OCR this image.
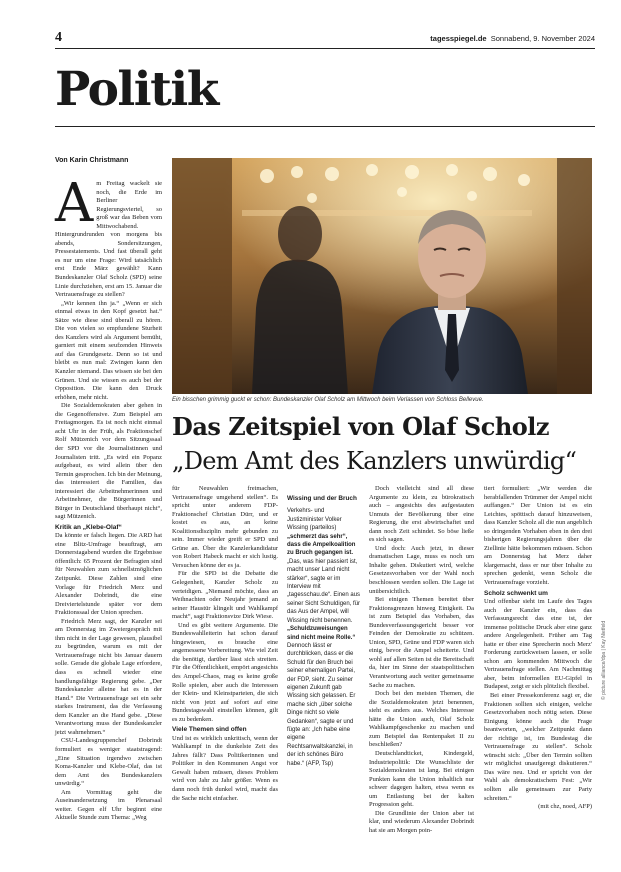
4	tagesspiegel.de Sonnabend, 9. November 2024
Politik
Von Karin Christmann
Ein bisschen grimmig guckt er schon: Bundeskanzler Olaf Scholz am Mittwoch beim Verlassen von Schloss Bellevue.
© picture alliance/dpa | Kay Nietfeld
Das Zeitspiel von Olaf Scholz
„Dem Amt des Kanzlers unwürdig“
A m Freitag wackelt sie noch, die Erde im Berliner Regierungsviertel, so groß war das Beben vom Mittwochabend. Hintergrundrunden von morgens bis abends, Sondersitzungen, Pressestatements. Und fast überall geht es nur um eine Frage: Wird tatsächlich erst Ende März gewählt? Kann Bundeskanzler Olaf Scholz (SPD) seine Linie durchziehen, erst am 15. Januar die Vertrauensfrage zu stellen?

„Wir kennen ihn ja.“ „Wenn er sich einmal etwas in den Kopf gesetzt hat.“ Sätze wie diese sind überall zu hören. Die von vielen so empfundene Sturheit des Kanzlers wird als Argument bemüht, garniert mit einem seufzenden Hinweis auf das Grundgesetz. Denn so ist und bleibt es nun mal: Zwingen kann den Kanzler niemand. Das wissen sie bei den Grünen. Und sie wissen es auch bei der Opposition. Die kann den Druck erhöhen, mehr nicht.

Die Sozialdemokraten aber gehen in die Gegenoffensive. Zum Beispiel am Freitagmorgen. Es ist noch nicht einmal acht Uhr in der Früh, als Fraktionschef Rolf Mützenich vor dem Sitzungssaal der SPD vor die Journalistinnen und Journalisten tritt. „Es wird ein Popanz aufgebaut, es wird allein über den Termin gesprochen. Ich bin der Meinung, das interessiert die Familien, das interessiert die Arbeitnehmerinnen und Arbeitnehmer, die Bürgerinnen und Bürger in Deutschland überhaupt nicht“, sagt Mützenich.

Kritik an „Klebe-Olaf“

Da könnte er falsch liegen. Die ARD hat eine Blitz-Umfrage beauftragt, am Donnerstagabend wurden die Ergebnisse öffentlich: 65 Prozent der Befragten sind für Neuwahlen zum schnellstmöglichen Zeitpunkt. Diese Zahlen sind eine Vorlage für Friedrich Merz und Alexander Dobrindt, die eine Dreiviertelstunde später vor dem Fraktionssaal der Union sprechen.

Friedrich Merz sagt, der Kanzler sei am Donnerstag im Zweiergespräch mit ihm nicht in der Lage gewesen, plausibel zu begründen, warum es mit der Vertrauensfrage nicht bis Januar dauern solle. Gerade die globale Lage erfordere, dass es schnell wieder eine handlungsfähige Regierung gebe. „Der Bundeskanzler alleine hat es in der Hand.“ Die Vertrauensfrage sei ein sehr starkes Instrument, das die Verfassung dem Kanzler an die Hand gebe. „Diese Verantwortung muss der Bundeskanzler jetzt wahrnehmen.“

CSU-Landesgruppenchef Dobrindt formuliert es weniger staatstragend: „Eine Situation irgendwo zwischen Koma-Kanzler und Klebe-Olaf, das ist dem Amt des Bundeskanzlers unwürdig.“

Am Vormittag geht die Auseinandersetzung im Plenarsaal weiter. Gegen elf Uhr beginnt eine Aktuelle Stunde zum Thema: „Weg

für Neuwahlen freimachen, Vertrauensfrage umgehend stellen“. Es spricht unter anderem FDP-Fraktionschef Christian Dürr, und er kostet es aus, an keine Koalitionsdisziplin mehr gebunden zu sein. Immer wieder greift er SPD und Grüne an. Über die Kanzlerkandidatur von Robert Habeck macht er sich lustig. Versuchen könne der es ja.

Für die SPD ist die Debatte die Gelegenheit, Kanzler Scholz zu verteidigen. „Niemand möchte, dass an Weihnachten oder Neujahr jemand an seiner Haustür klingelt und Wahlkampf macht“, sagt Fraktionsvize Dirk Wiese.

Und es gibt weitere Argumente. Die Bundeswahlleiterin hat schon darauf hingewiesen, es brauche eine angemessene Vorbereitung. Wie viel Zeit die benötigt, darüber lässt sich streiten. Für die Öffentlichkeit, empört angesichts des Ampel-Chaos, mag es keine große Rolle spielen, aber auch die Interessen der Klein- und Kleinstparteien, die sich nicht von jetzt auf sofort auf eine Bundestagswahl einstellen können, gilt es zu bedenken.

Viele Themen sind offen

Und ist es wirklich unkritisch, wenn der Wahlkampf in die dunkelste Zeit des Jahres fällt? Dass Politikerinnen und Politiker in den Kommunen Angst vor Gewalt haben müssen, dieses Problem wird von Jahr zu Jahr größer. Wenn es dann noch früh dunkel wird, macht das die Sache nicht einfacher.

Wissing und der Bruch

Verkehrs- und Justizminister Volker Wissing (parteilos) „schmerzt das sehr“, dass die Ampelkoalition zu Bruch gegangen ist. „Das, was hier passiert ist, macht unser Land nicht stärker“, sagte er im Interview mit „tagesschau.de“. Einen aus seiner Sicht Schuldigen, für das Aus der Ampel, will Wissing nicht benennen. „Schuldzuweisungen sind nicht meine Rolle.“ Dennoch lässt er durchblicken, dass er die Schuld für den Bruch bei seiner ehemaligen Partei, der FDP, sieht. Zu seiner eigenen Zukunft gab Wissing sich gelassen. Er mache sich „über solche Dinge nicht so viele Gedanken“, sagte er und fügte an: „Ich habe eine eigene Rechtsanwaltskanzlei, in der ich schönes Büro habe.“ (AFP, Tsp)

Doch vielleicht sind all diese Argumente zu klein, zu bürokratisch auch – angesichts des aufgestauten Unmuts der Bevölkerung über eine Regierung, die erst abwirtschaftet und dann noch Zeit schindet. So böse ließe es sich sagen.

Und doch: Auch jetzt, in dieser dramatischen Lage, muss es noch um Inhalte gehen. Diskutiert wird, welche Gesetzesvorhaben vor der Wahl noch beschlossen werden sollen. Die Lage ist unübersichtlich.

Bei einigen Themen bereitet über Fraktionsgrenzen hinweg Einigkeit. Da ist zum Beispiel das Vorhaben, das Bundesverfassungsgericht besser vor Feinden der Demokratie zu schützen. Union, SPD, Grüne und FDP waren sich einig, bevor die Ampel scheiterte. Und wohl auf allen Seiten ist die Bereitschaft da, hier im Sinne der staatspolitischen Verantwortung auch weiter gemeinsame Sache zu machen.

Doch bei den meisten Themen, die die Sozialdemokraten jetzt benennen, sieht es anders aus. Welches Interesse hätte die Union auch, Olaf Scholz Wahlkampfgeschenke zu machen und zum Beispiel das Rentenpaket II zu beschließen?

Deutschlandticket, Kindergeld, Industriepolitik: Die Wunschliste der Sozialdemokraten ist lang. Bei einigen Punkten kann die Union inhaltlich nur schwer dagegen halten, etwa wenn es um Entlastung bei der kalten Progression geht.

Die Grundlinie der Union aber ist klar, und wiederum Alexander Dobrindt hat sie am Morgen poin-

tiert formuliert: „Wir werden die herabfallenden Trümmer der Ampel nicht auffangen.“ Der Union ist es ein Leichtes, spöttisch darauf hinzuweisen, dass Kanzler Scholz all die nun angeblich so dringenden Vorhaben eben in den drei bisherigen Regierungsjahren über die Ziellinie hätte bekommen müssen. Schon am Donnerstag hat Merz daher klargemacht, dass er nur über Inhalte zu sprechen gedenkt, wenn Scholz die Vertrauensfrage vorzieht.

Scholz schwenkt um

Und offenbar sieht im Laufe des Tages auch der Kanzler ein, dass das Verfassungsrecht das eine ist, der immense politische Druck aber eine ganz andere Angelegenheit. Früher am Tag hatte er über eine Sprecherin noch Merz' Forderung zurückweisen lassen, er solle schon am kommenden Mittwoch die Vertrauensfrage stellen. Am Nachmittag aber, beim informellen EU-Gipfel in Budapest, zeigt er sich plötzlich flexibel.

Bei einer Pressekonferenz sagt er, die Fraktionen sollten sich einigen, welche Gesetzvorhaben noch nötig seien. Diese Einigung könne auch die Frage beantworten, „welcher Zeitpunkt dann der richtige ist, im Bundestag die Vertrauensfrage zu stellen“. Scholz wünscht sich: „Über den Termin sollten wir möglichst unaufgeregt diskutieren.“ Das wäre neu. Und er spricht von der Wahl als demokratischem Fest: „Wir sollten alle gemeinsam zur Party schreiten.“

(mit chz, noed, AFP)
